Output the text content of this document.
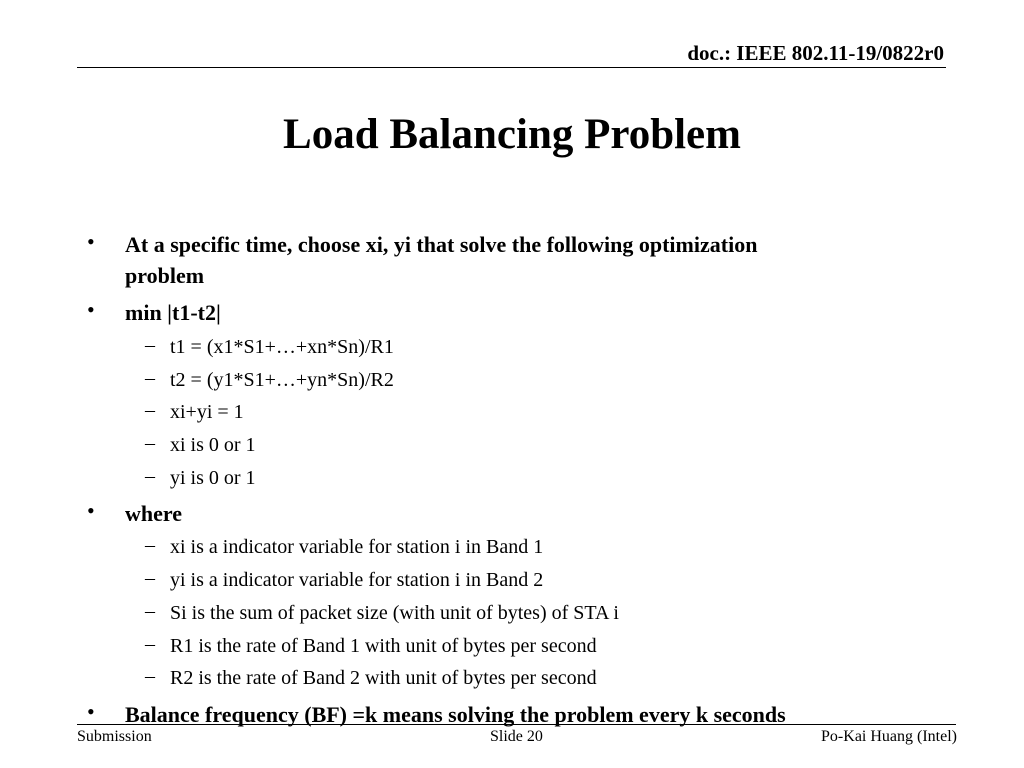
doc.: IEEE 802.11-19/0822r0
Load Balancing Problem
• At a specific time, choose xi, yi that solve the following optimization
problem
• min |t1-t2|
– t1 = (x1*S1+…+xn*Sn)/R1
– t2 = (y1*S1+…+yn*Sn)/R2
– xi+yi = 1
– xi is 0 or 1
– yi is 0 or 1
• where
– xi is a indicator variable for station i in Band 1
– yi is a indicator variable for station i in Band 2
– Si is the sum of packet size (with unit of bytes) of STA i
– R1 is the rate of Band 1 with unit of bytes per second
– R2 is the rate of Band 2 with unit of bytes per second
• Balance frequency (BF) =k means solving the problem every k seconds
Submission	Slide 20	Po-Kai Huang (Intel)
